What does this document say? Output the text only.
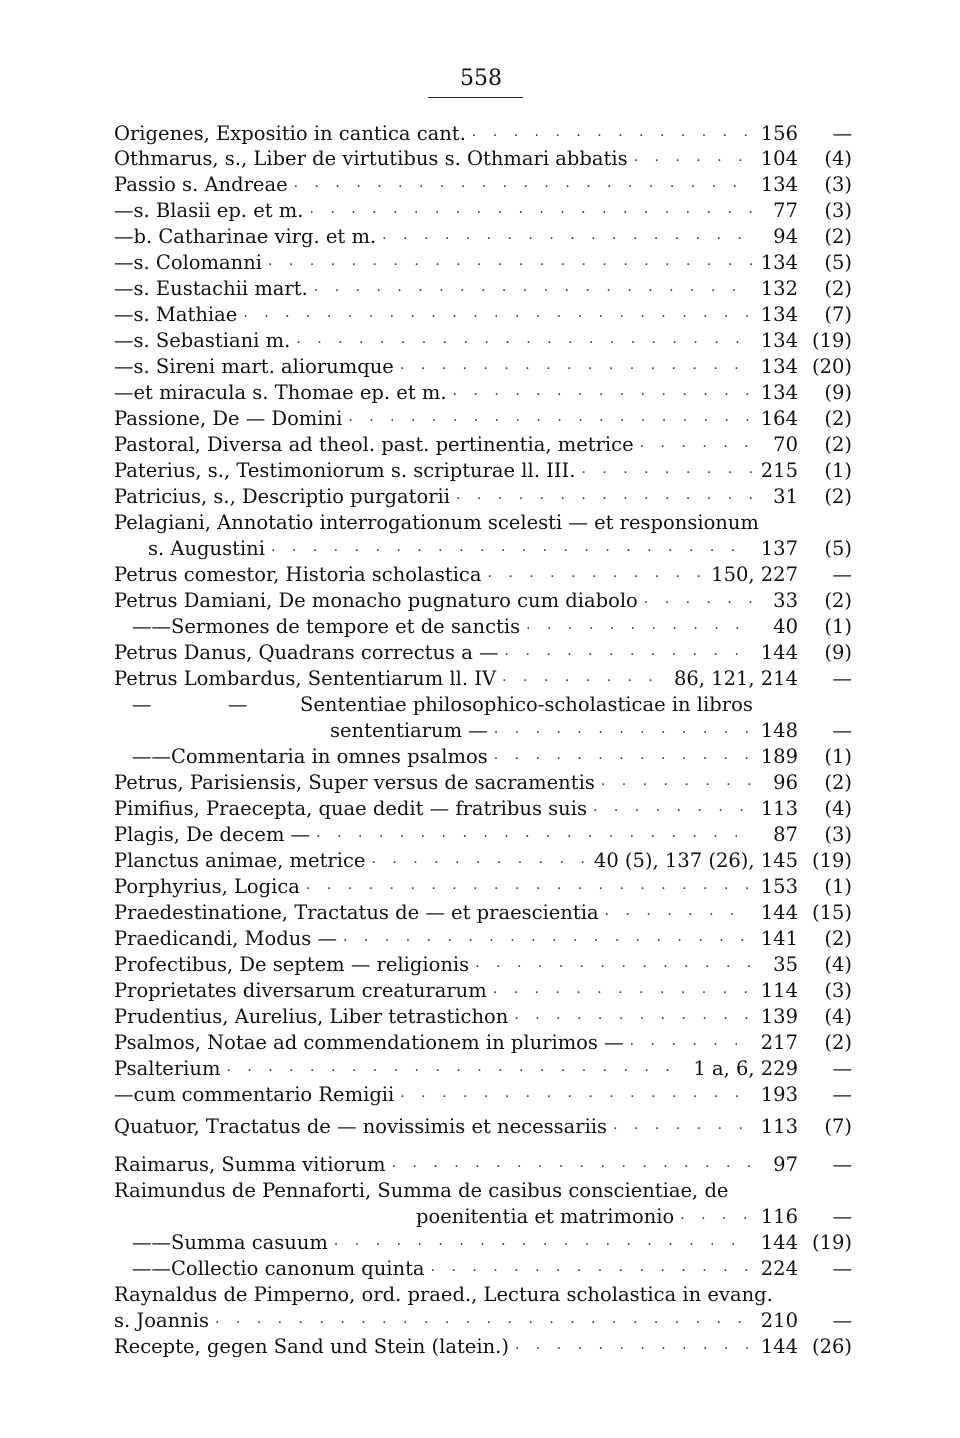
558
Origenes, Expositio in cantica cant. · · ·	156	—
Othmarus, s., Liber de virtutibus s. Othmari abbatis · · ·	104	(4)
Passio s. Andreae · · ·	134	(3)
— s. Blasii ep. et m. · · ·	77	(3)
— b. Catharinae virg. et m. · · ·	94	(2)
— s. Colomanni · · ·	134	(5)
— s. Eustachii mart. · · ·	132	(2)
— s. Mathiae · · ·	134	(7)
— s. Sebastiani m. · · ·	134 (19)
— s. Sireni mart. aliorumque · · ·	134 (20)
— et miracula s. Thomae ep. et m. · · ·	134	(9)
Passione, De — Domini · · ·	164	(2)
Pastoral, Diversa ad theol. past. pertinentia, metrice · · ·	70	(2)
Paterius, s., Testimoniorum s. scripturae ll. III. · · ·	215	(1)
Patricius, s., Descriptio purgatorii · · ·	31	(2)
Pelagiani, Annotatio interrogationum scelesti — et responsionum
s. Augustini · · ·	137	(5)
Petrus comestor, Historia scholastica · · ·	150, 227	—
Petrus Damiani, De monacho pugnaturo cum diabolo · · ·	33	(2)
— — Sermones de tempore et de sanctis · · ·	40	(1)
Petrus Danus, Quadrans correctus a — · · ·	144	(9)
Petrus Lombardus, Sententiarum ll. IV · · ·	86, 121, 214	—
—	—	Sententiae philosophico-scholasticae in libros
sententiarum — · · ·	148	—
— — Commentaria in omnes psalmos · · ·	189	(1)
Petrus, Parisiensis, Super versus de sacramentis · · ·	96	(2)
Pimifius, Praecepta, quae dedit — fratribus suis · · ·	113	(4)
Plagis, De decem — · · ·	87	(3)
Planctus animae, metrice · · ·	40 (5), 137 (26), 145 (19)
Porphyrius, Logica · · ·	153	(1)
Praedestinatione, Tractatus de — et praescientia · · ·	144 (15)
Praedicandi, Modus — · · ·	141	(2)
Profectibus, De septem — religionis · · ·	35	(4)
Proprietates diversarum creaturarum · · ·	114	(3)
Prudentius, Aurelius, Liber tetrastichon · · ·	139	(4)
Psalmos, Notae ad commendationem in plurimos — · · ·	217	(2)
Psalterium · · ·	1 a, 6, 229	—
— cum commentario Remigii · · ·	193	—
Quatuor, Tractatus de — novissimis et necessariis · · ·	113	(7)
Raimarus, Summa vitiorum · · ·	97	—
Raimundus de Pennaforti, Summa de casibus conscientiae, de
poenitentia et matrimonio · · ·	116	—
— — Summa casuum · · ·	144 (19)
— — Collectio canonum quinta · · ·	224	—
Raynaldus de Pimperno, ord. praed., Lectura scholastica in evang.
s. Joannis · · ·	210	—
Recepte, gegen Sand und Stein (latein.) · · ·	144 (26)
